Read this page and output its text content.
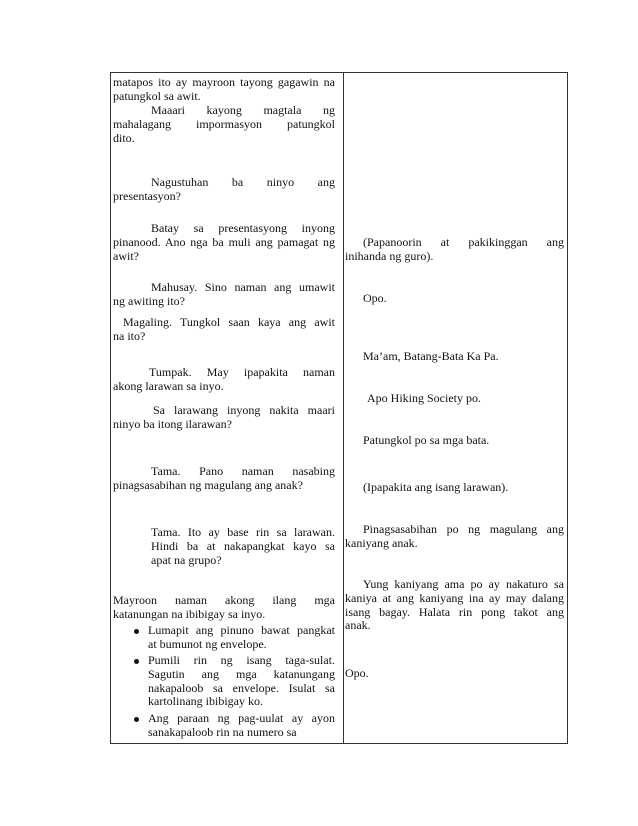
matapos ito ay mayroon tayong gagawin na

patungkol sa awit.

Maaari kayong magtala ng

mahalagang impormasyon patungkol

dito.

Nagustuhan ba ninyo ang

presentasyon?

Batay sa presentasyong inyong

pinanood. Ano nga ba muli ang pamagat ng

awit?

Mahusay. Sino naman ang umawit

ng awiting ito?

Magaling. Tungkol saan kaya ang awit

na ito?

Tumpak. May ipapakita naman

akong larawan sa inyo.

Sa larawang inyong nakita maari

ninyo ba itong ilarawan?

Tama. Pano naman nasabing

pinagsasabihan ng magulang ang anak?

Tama. Ito ay base rin sa larawan.

Hindi ba at nakapangkat kayo sa

apat na grupo?

Mayroon naman akong ilang mga

katanungan na ibibigay sa inyo.

Lumapit ang pinuno bawat pangkat

at bumunot ng envelope.

Pumili rin ng isang taga-sulat.

Sagutin ang mga katanungang

nakapaloob sa envelope. Isulat sa

kartolinang ibibigay ko.

Ang paraan ng pag-uulat ay ayon

sanakapaloob rin na numero sa

(Papanoorin at pakikinggan ang

inihanda ng guro).

Opo.

Ma’am, Batang-Bata Ka Pa.

Apo Hiking Society po.

Patungkol po sa mga bata.

(Ipapakita ang isang larawan).

Pinagsasabihan po ng magulang ang

kaniyang anak.

Yung kaniyang ama po ay nakaturo sa

kaniya at ang kaniyang ina ay may dalang

isang bagay. Halata rin pong takot ang

anak.

Opo.
